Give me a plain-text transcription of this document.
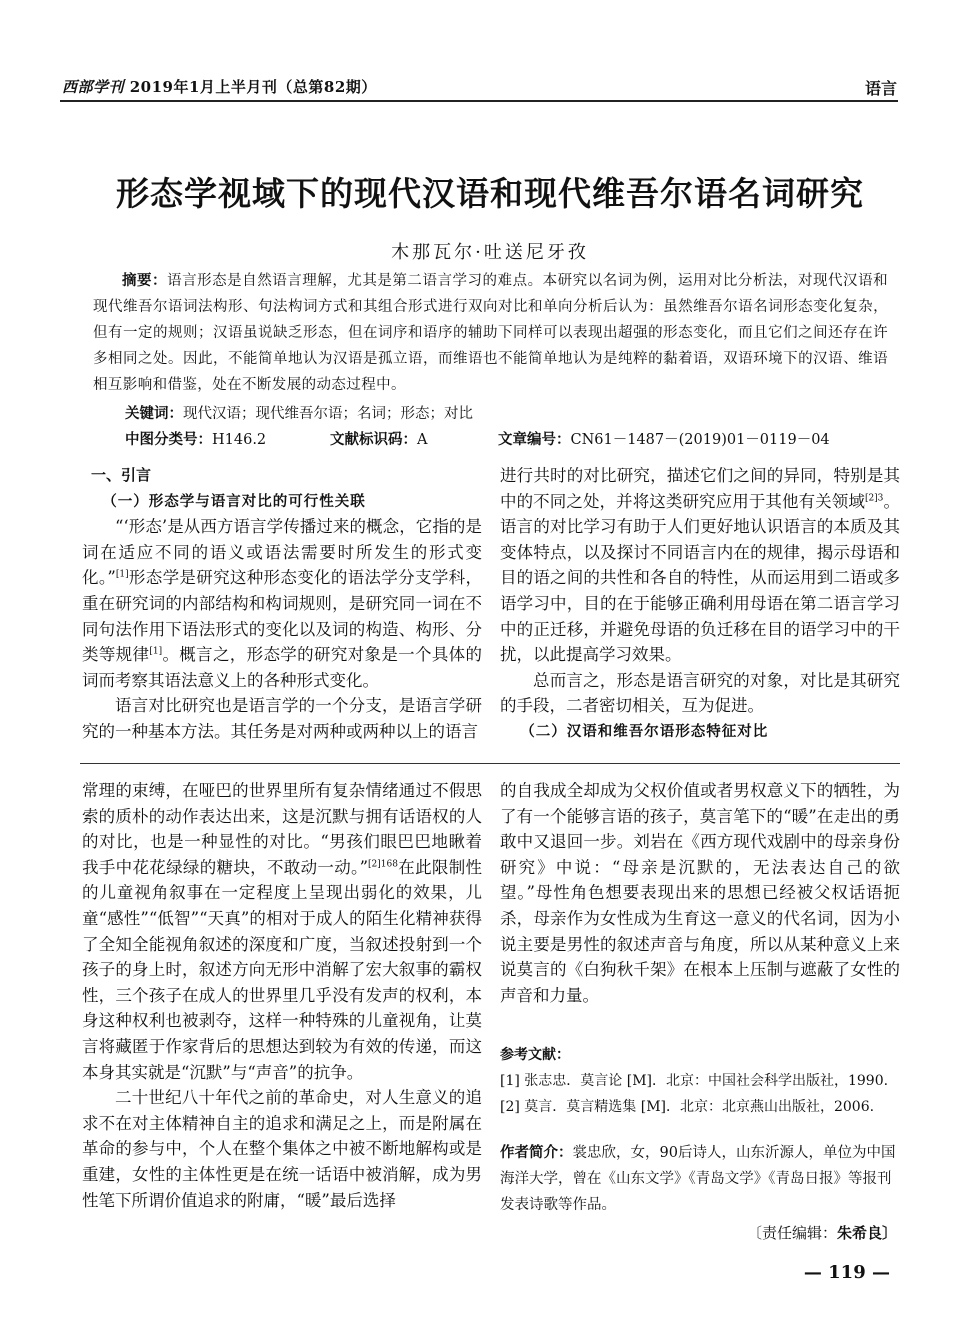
西部学刊 2019年1月上半月刊（总第82期）	语言
形态学视域下的现代汉语和现代维吾尔语名词研究
木那瓦尔·吐送尼牙孜
摘要：语言形态是自然语言理解，尤其是第二语言学习的难点。本研究以名词为例，运用对比分析法，对现代汉语和现代维吾尔语词法构形、句法构词方式和其组合形式进行双向对比和单向分析后认为：虽然维吾尔语名词形态变化复杂，但有一定的规则；汉语虽说缺乏形态，但在词序和语序的辅助下同样可以表现出超强的形态变化，而且它们之间还存在许多相同之处。因此，不能简单地认为汉语是孤立语，而维语也不能简单地认为是纯粹的黏着语，双语环境下的汉语、维语相互影响和借鉴，处在不断发展的动态过程中。
关键词：现代汉语；现代维吾尔语；名词；形态；对比
中图分类号：H146.2	文献标识码：A	文章编号：CN61－1487－(2019)01－0119－04

一、引言

（一）形态学与语言对比的可行性关联

“‘形态’是从西方语言学传播过来的概念，它指的是词在适应不同的语义或语法需要时所发生的形式变化。”[1]形态学是研究这种形态变化的语法学分支学科，重在研究词的内部结构和构词规则，是研究同一词在不同句法作用下语法形式的变化以及词的构造、构形、分类等规律[1]。概言之，形态学的研究对象是一个具体的词而考察其语法意义上的各种形式变化。

语言对比研究也是语言学的一个分支，是语言学研究的一种基本方法。其任务是对两种或两种以上的语言

进行共时的对比研究，描述它们之间的异同，特别是其中的不同之处，并将这类研究应用于其他有关领域$^{[2]3}$。语言的对比学习有助于人们更好地认识语言的本质及其变体特点，以及探讨不同语言内在的规律，揭示母语和目的语之间的共性和各自的特性，从而运用到二语或多语学习中，目的在于能够正确利用母语在第二语言学习中的正迁移，并避免母语的负迁移在目的语学习中的干扰，以此提高学习效果。

总而言之，形态是语言研究的对象，对比是其研究的手段，二者密切相关，互为促进。

（二）汉语和维吾尔语形态特征对比

常理的束缚，在哑巴的世界里所有复杂情绪通过不假思索的质朴的动作表达出来，这是沉默与拥有话语权的人的对比，也是一种显性的对比。“男孩们眼巴巴地瞅着我手中花花绿绿的糖块，不敢动一动。”$^{[2]168}$在此限制性的儿童视角叙事在一定程度上呈现出弱化的效果，儿童“感性”“低智”“天真”的相对于成人的陌生化精神获得了全知全能视角叙述的深度和广度，当叙述投射到一个孩子的身上时，叙述方向无形中消解了宏大叙事的霸权性，三个孩子在成人的世界里几乎没有发声的权利，本身这种权利也被剥夺，这样一种特殊的儿童视角，让莫言将藏匿于作家背后的思想达到较为有效的传递，而这本身其实就是“沉默”与“声音”的抗争。

二十世纪八十年代之前的革命史，对人生意义的追求不在对主体精神自主的追求和满足之上，而是附属在革命的参与中，个人在整个集体之中被不断地解构或是重建，女性的主体性更是在统一话语中被消解，成为男性笔下所谓价值追求的附庸，“暖”最后选择

的自我成全却成为父权价值或者男权意义下的牺牲，为了有一个能够言语的孩子，莫言笔下的“暖”在走出的勇敢中又退回一步。刘岩在《西方现代戏剧中的母亲身份研究》中说：“母亲是沉默的，无法表达自己的欲望。”母性角色想要表现出来的思想已经被父权话语扼杀，母亲作为女性成为生育这一意义的代名词，因为小说主要是男性的叙述声音与角度，所以从某种意义上来说莫言的《白狗秋千架》在根本上压制与遮蔽了女性的声音和力量。

参考文献：
[1] 张志忠．莫言论 [M]．北京：中国社会科学出版社，1990.
[2] 莫言．莫言精选集 [M]．北京：北京燕山出版社，2006.
作者简介：裳忠欣，女，90后诗人，山东沂源人，单位为中国海洋大学，曾在《山东文学》《青岛文学》《青岛日报》等报刊发表诗歌等作品。
〔责任编辑：朱希良〕
— 119 —
